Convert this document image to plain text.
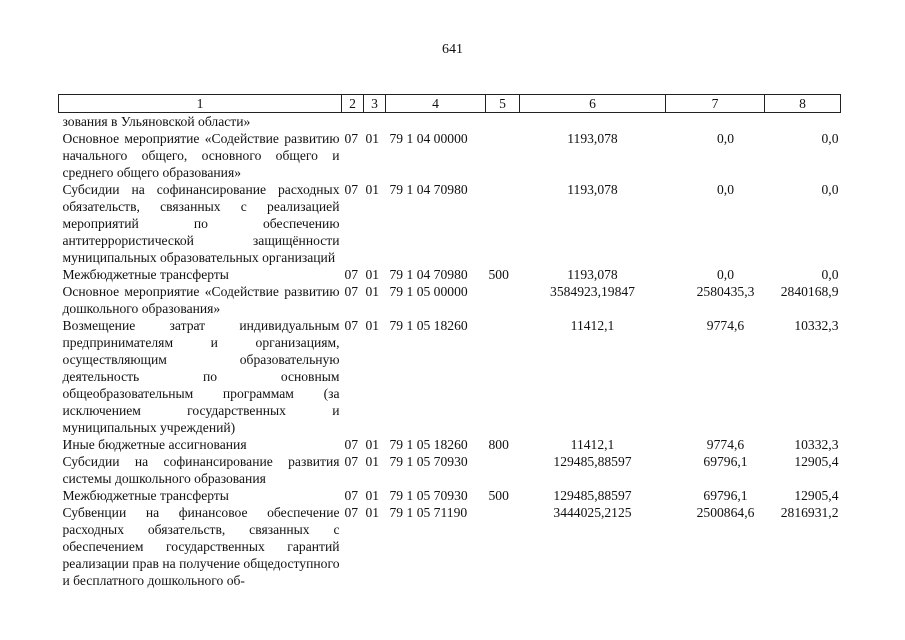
641
1	2	3	4	5	6	7	8
зования в Ульяновской области»							
Основное мероприятие «Содействие развитию начального общего, основного общего и среднего общего образования»	07	01	79 1 04 00000		1193,078	0,0	0,0
Субсидии на софинансирование расходных обязательств, связанных с реализацией мероприятий по обеспечению антитеррористической защищённости муниципальных образовательных организаций	07	01	79 1 04 70980		1193,078	0,0	0,0
Межбюджетные трансферты	07	01	79 1 04 70980	500	1193,078	0,0	0,0
Основное мероприятие «Содействие развитию дошкольного образования»	07	01	79 1 05 00000		3584923,19847	2580435,3	2840168,9
Возмещение затрат индивидуальным предпринимателям и организациям, осуществляющим образовательную деятельность по основным общеобразовательным программам (за исключением государственных и муниципальных учреждений)	07	01	79 1 05 18260		11412,1	9774,6	10332,3
Иные бюджетные ассигнования	07	01	79 1 05 18260	800	11412,1	9774,6	10332,3
Субсидии на софинансирование развития системы дошкольного образования	07	01	79 1 05 70930		129485,88597	69796,1	12905,4
Межбюджетные трансферты	07	01	79 1 05 70930	500	129485,88597	69796,1	12905,4
Субвенции на финансовое обеспечение расходных обязательств, связанных с обеспечением государственных гарантий реализации прав на получение общедоступного и бесплатного дошкольного об-	07	01	79 1 05 71190		3444025,2125	2500864,6	2816931,2
